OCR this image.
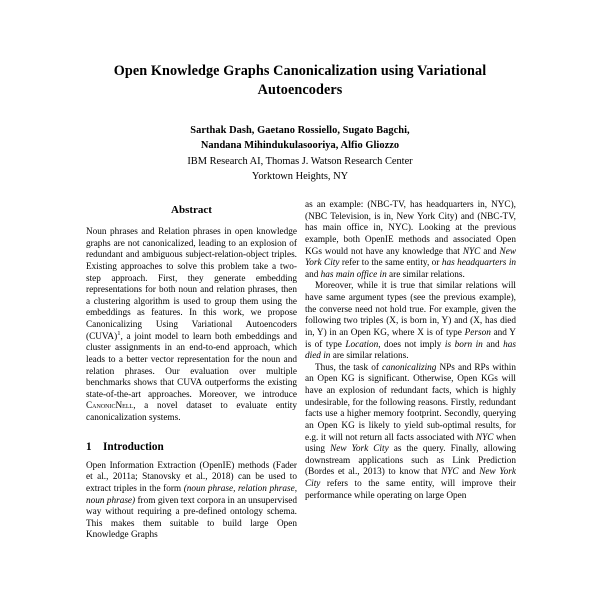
Open Knowledge Graphs Canonicalization using Variational Autoencoders
Sarthak Dash, Gaetano Rossiello, Sugato Bagchi,
Nandana Mihindukulasooriya, Alfio Gliozzo
IBM Research AI, Thomas J. Watson Research Center
Yorktown Heights, NY
Abstract

Noun phrases and Relation phrases in open knowledge graphs are not canonicalized, leading to an explosion of redundant and ambiguous subject-relation-object triples. Existing approaches to solve this problem take a two-step approach. First, they generate embedding representations for both noun and relation phrases, then a clustering algorithm is used to group them using the embeddings as features. In this work, we propose Canonicalizing Using Variational Autoencoders (CUVA)$^1$, a joint model to learn both embeddings and cluster assignments in an end-to-end approach, which leads to a better vector representation for the noun and relation phrases. Our evaluation over multiple benchmarks shows that CUVA outperforms the existing state-of-the-art approaches. Moreover, we introduce CanonicNell, a novel dataset to evaluate entity canonicalization systems.

1 Introduction

Open Information Extraction (OpenIE) methods (Fader et al., 2011a; Stanovsky et al., 2018) can be used to extract triples in the form (noun phrase, relation phrase, noun phrase) from given text corpora in an unsupervised way without requiring a pre-defined ontology schema. This makes them suitable to build large Open Knowledge Graphs

as an example: (NBC-TV, has headquarters in, NYC), (NBC Television, is in, New York City) and (NBC-TV, has main office in, NYC). Looking at the previous example, both OpenIE methods and associated Open KGs would not have any knowledge that NYC and New York City refer to the same entity, or has headquarters in and has main office in are similar relations.

Moreover, while it is true that similar relations will have same argument types (see the previous example), the converse need not hold true. For example, given the following two triples (X, is born in, Y) and (X, has died in, Y) in an Open KG, where X is of type Person and Y is of type Location, does not imply is born in and has died in are similar relations.

Thus, the task of canonicalizing NPs and RPs within an Open KG is significant. Otherwise, Open KGs will have an explosion of redundant facts, which is highly undesirable, for the following reasons. Firstly, redundant facts use a higher memory footprint. Secondly, querying an Open KG is likely to yield sub-optimal results, for e.g. it will not return all facts associated with NYC when using New York City as the query. Finally, allowing downstream applications such as Link Prediction (Bordes et al., 2013) to know that NYC and New York City refers to the same entity, will improve their performance while operating on large Open
